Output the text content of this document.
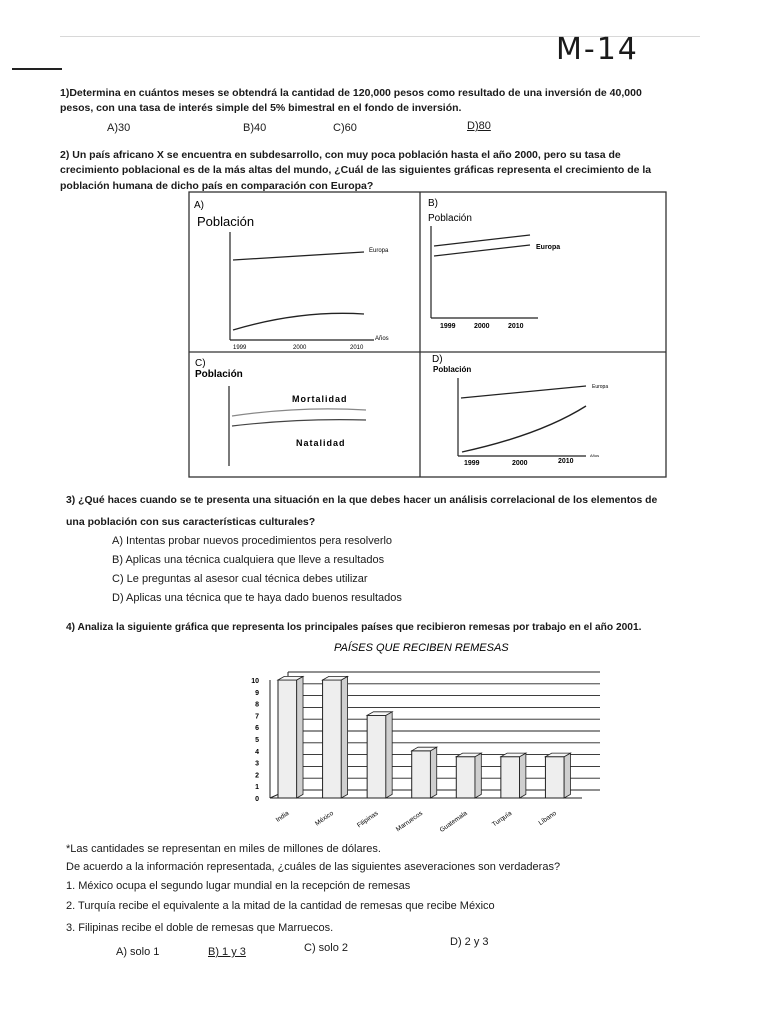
M-14
1)Determina en cuántos meses se obtendrá la cantidad de 120,000 pesos como resultado de una inversión de 40,000
pesos, con una tasa de interés simple del 5% bimestral en el fondo de inversión.
A)30	B)40	C)60	D)80
2) Un país africano X se encuentra en subdesarrollo, con muy poca población hasta el año 2000, pero su tasa de
crecimiento poblacional es de la más altas del mundo, ¿Cuál de las siguientes gráficas representa el crecimiento de la
población humana de dicho país en comparación con Europa?
A)
Población
Europa
Años
1999	2000	2010
B)
Población
Europa
1999	2000	2010
C)
Población
Mortalidad
Natalidad
D)
Población
Europa
Años
1999	2000	2010
3) ¿Qué haces cuando se te presenta una situación en la que debes hacer un análisis correlacional de los elementos de
una población con sus características culturales?
A) Intentas probar nuevos procedimientos pera resolverlo
B) Aplicas una técnica cualquiera que lleve a resultados
C) Le preguntas al asesor cual técnica debes utilizar
D) Aplicas una técnica que te haya dado buenos resultados
4) Analiza la siguiente gráfica que representa los principales países que recibieron remesas por trabajo en el año 2001.
PAÍSES QUE RECIBEN REMESAS
0
1
2
3
4
5
6
7
8
9
10
India	México	Filipinas Marruecos Guatemala	Turquía	Líbano
*Las cantidades se representan en miles de millones de dólares.
De acuerdo a la información representada, ¿cuáles de las siguientes aseveraciones son verdaderas?
1. México ocupa el segundo lugar mundial en la recepción de remesas
2. Turquía recibe el equivalente a la mitad de la cantidad de remesas que recibe México
3. Filipinas recibe el doble de remesas que Marruecos.
A) solo 1	B) 1 y 3	C) solo 2	D) 2 y 3
